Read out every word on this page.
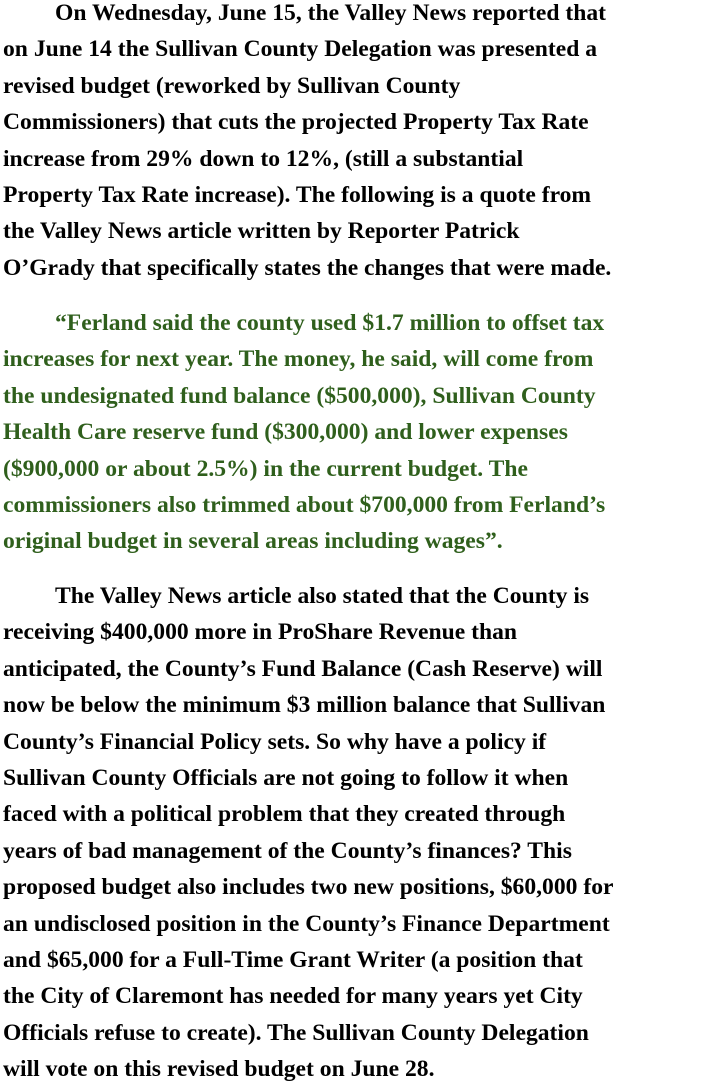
On Wednesday, June 15, the Valley News reported that
on June 14 the Sullivan County Delegation was presented a
revised budget (reworked by Sullivan County
Commissioners) that cuts the projected Property Tax Rate
increase from 29% down to 12%, (still a substantial
Property Tax Rate increase). The following is a quote from
the Valley News article written by Reporter Patrick
O’Grady that specifically states the changes that were made.
“Ferland said the county used $1.7 million to offset tax
increases for next year. The money, he said, will come from
the undesignated fund balance ($500,000), Sullivan County
Health Care reserve fund ($300,000) and lower expenses
($900,000 or about 2.5%) in the current budget. The
commissioners also trimmed about $700,000 from Ferland’s
original budget in several areas including wages”.
The Valley News article also stated that the County is
receiving $400,000 more in ProShare Revenue than
anticipated, the County’s Fund Balance (Cash Reserve) will
now be below the minimum $3 million balance that Sullivan
County’s Financial Policy sets. So why have a policy if
Sullivan County Officials are not going to follow it when
faced with a political problem that they created through
years of bad management of the County’s finances? This
proposed budget also includes two new positions, $60,000 for
an undisclosed position in the County’s Finance Department
and $65,000 for a Full-Time Grant Writer (a position that
the City of Claremont has needed for many years yet City
Officials refuse to create). The Sullivan County Delegation
will vote on this revised budget on June 28.
